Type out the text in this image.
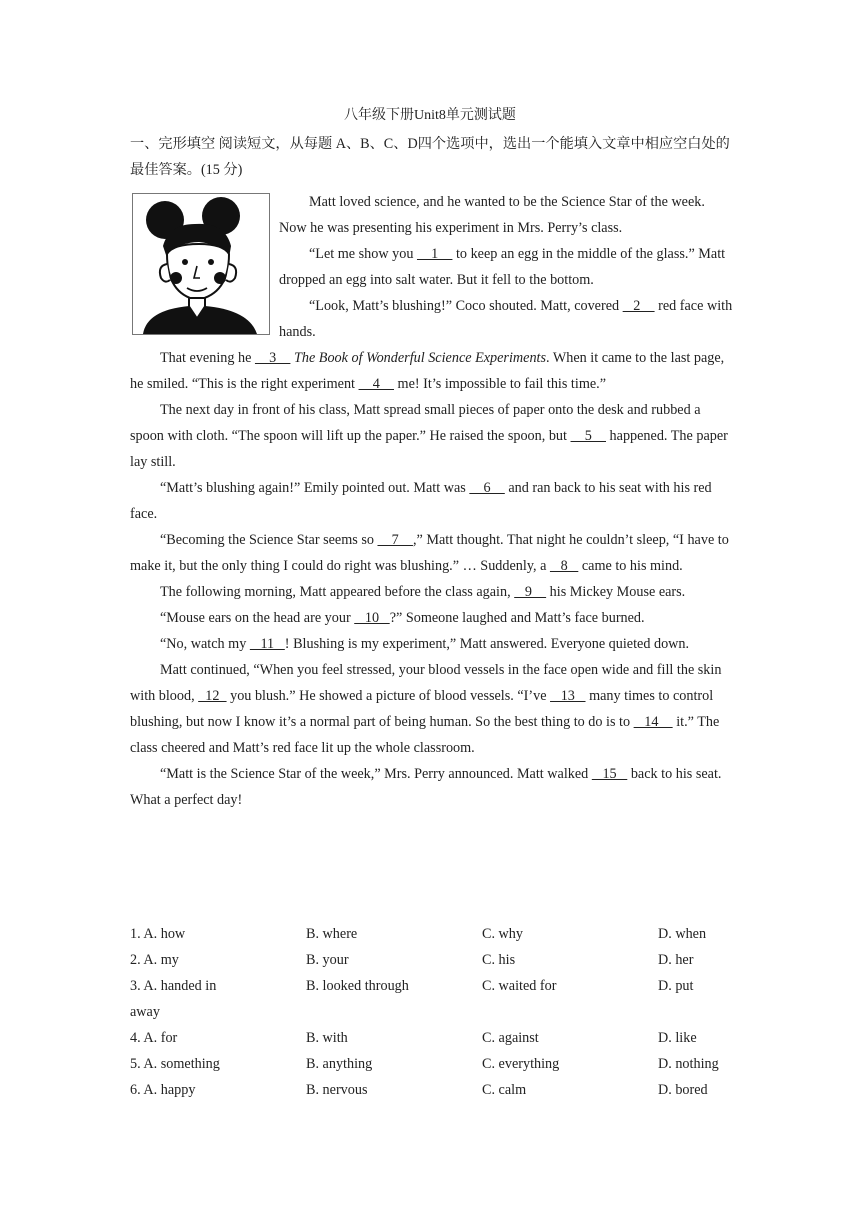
八年级下册Unit8单元测试题
一、完形填空 阅读短文，从每题 A、B、C、D四个选项中，选出一个能填入文章中相应空白处的最佳答案。(15 分)

Matt loved science, and he wanted to be the Science Star of the week. Now he was presenting his experiment in Mrs. Perry’s class.

“Let me show you     1     to keep an egg in the middle of the glass.” Matt dropped an egg into salt water. But it fell to the bottom.

“Look, Matt’s blushing!” Coco shouted. Matt, covered    2     red face with hands.

That evening he     3     The Book of Wonderful Science Experiments. When it came to the last page, he smiled. “This is the right experiment     4     me! It’s impossible to fail this time.”

The next day in front of his class, Matt spread small pieces of paper onto the desk and rubbed a spoon with cloth. “The spoon will lift up the paper.” He raised the spoon, but     5     happened. The paper lay still.

“Matt’s blushing again!” Emily pointed out. Matt was     6     and ran back to his seat with his red face.

“Becoming the Science Star seems so     7    ,” Matt thought. That night he couldn’t sleep, “I have to make it, but the only thing I could do right was blushing.” … Suddenly, a    8    came to his mind.

The following morning, Matt appeared before the class again,    9     his Mickey Mouse ears.

“Mouse ears on the head are your    10   ?” Someone laughed and Matt’s face burned.

“No, watch my    11   ! Blushing is my experiment,” Matt answered. Everyone quieted down.

Matt continued, “When you feel stressed, your blood vessels in the face open wide and fill the skin with blood,   12   you blush.” He showed a picture of blood vessels. “I’ve    13    many times to control blushing, but now I know it’s a normal part of being human. So the best thing to do is to    14     it.” The class cheered and Matt’s red face lit up the whole classroom.

“Matt is the Science Star of the week,” Mrs. Perry announced. Matt walked    15    back to his seat. What a perfect day!

1. A. how	B. where	C. why	D. when
2. A. my	B. your	C. his	D. her
3. A. handed in	B. looked through	C. waited for	D. put
away
4. A. for	B. with	C. against	D. like
5. A. something	B. anything	C. everything	D. nothing
6. A. happy	B. nervous	C. calm	D. bored
